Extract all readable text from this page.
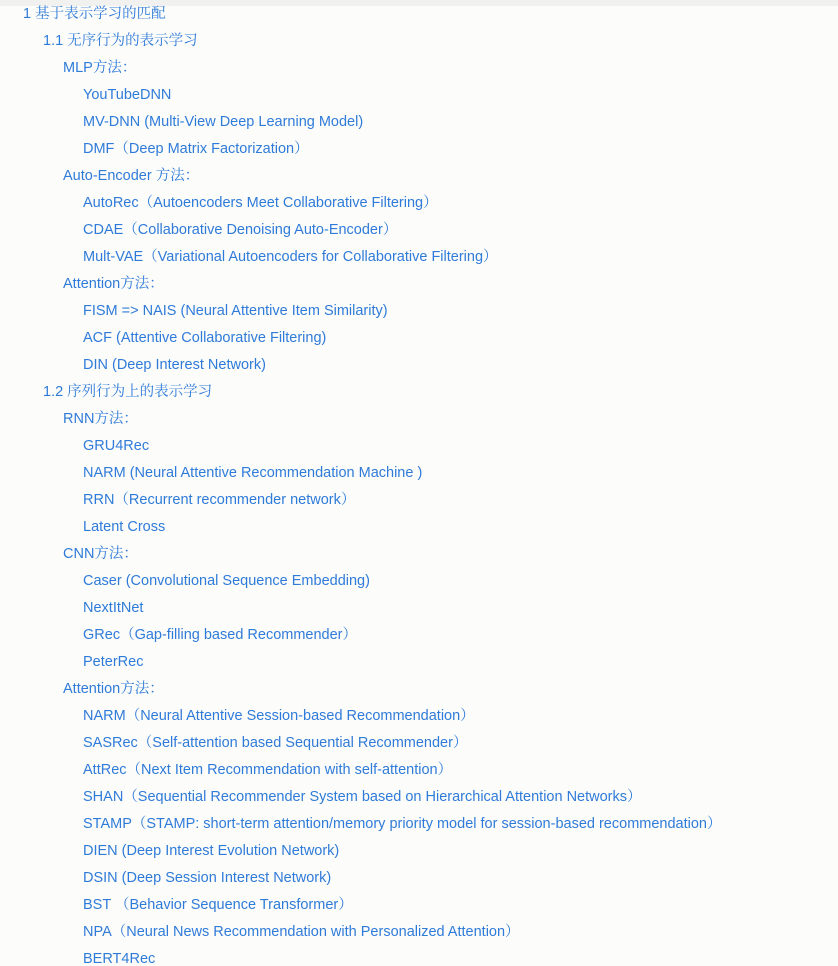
1 基于表示学习的匹配
1.1 无序行为的表示学习
MLP方法：
YouTubeDNN
MV-DNN (Multi-View Deep Learning Model)
DMF（Deep Matrix Factorization）
Auto-Encoder 方法：
AutoRec（Autoencoders Meet Collaborative Filtering）
CDAE（Collaborative Denoising Auto-Encoder）
Mult-VAE（Variational Autoencoders for Collaborative Filtering）
Attention方法：
FISM => NAIS (Neural Attentive Item Similarity)
ACF (Attentive Collaborative Filtering)
DIN (Deep Interest Network)
1.2 序列行为上的表示学习
RNN方法：
GRU4Rec
NARM (Neural Attentive Recommendation Machine )
RRN（Recurrent recommender network）
Latent Cross
CNN方法：
Caser (Convolutional Sequence Embedding)
NextItNet
GRec（Gap-filling based Recommender）
PeterRec
Attention方法：
NARM（Neural Attentive Session-based Recommendation）
SASRec（Self-attention based Sequential Recommender）
AttRec（Next Item Recommendation with self-attention）
SHAN（Sequential Recommender System based on Hierarchical Attention Networks）
STAMP（STAMP: short-term attention/memory priority model for session-based recommendation）
DIEN (Deep Interest Evolution Network)
DSIN (Deep Session Interest Network)
BST （Behavior Sequence Transformer）
NPA（Neural News Recommendation with Personalized Attention）
BERT4Rec
